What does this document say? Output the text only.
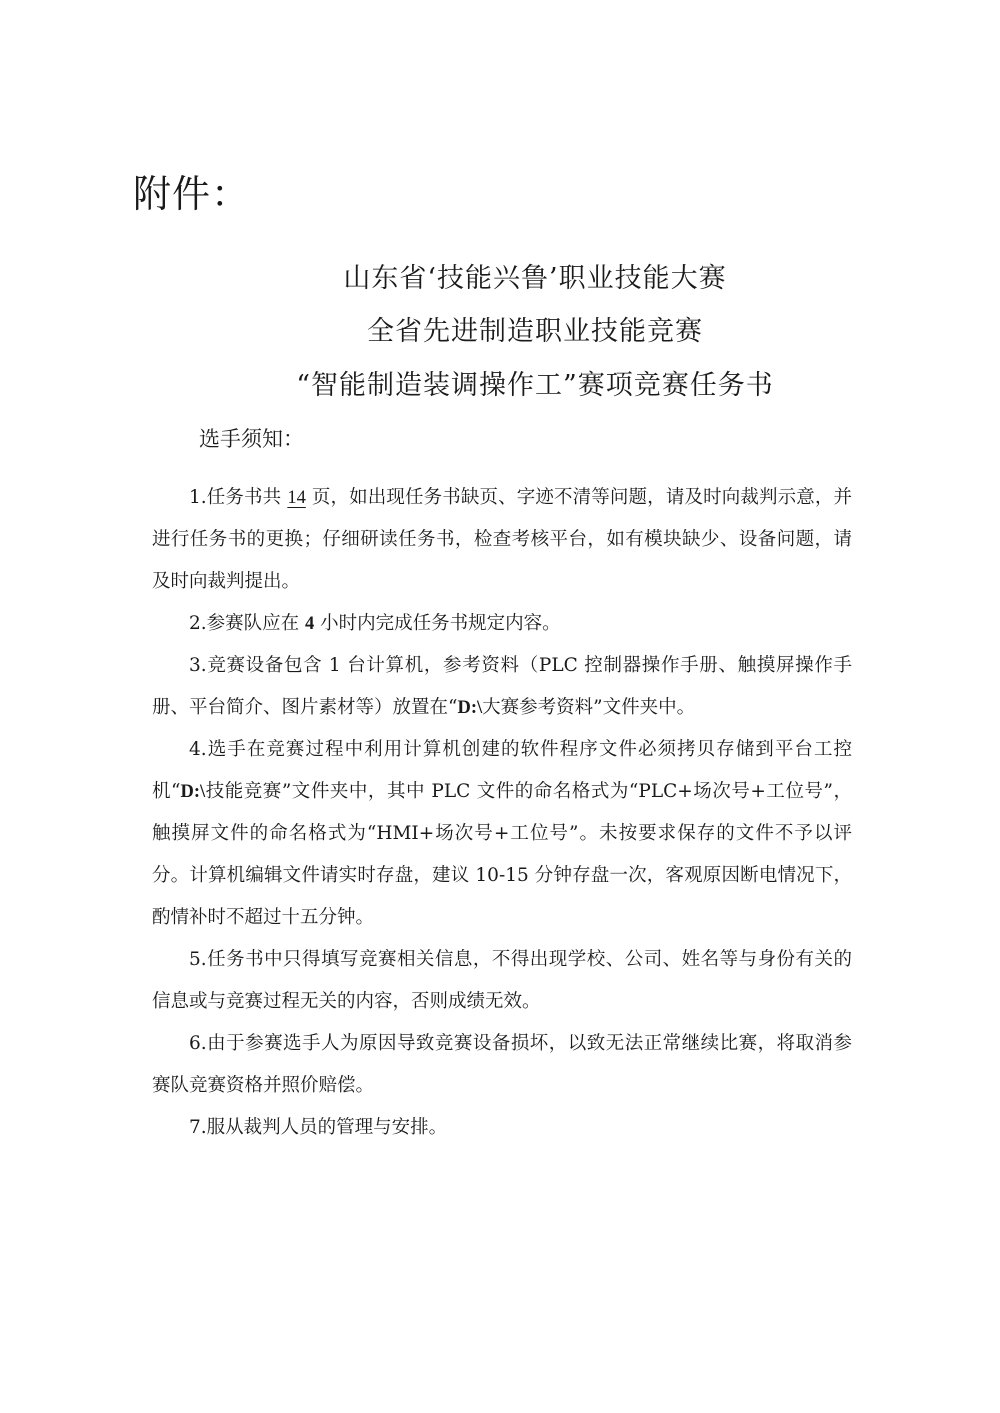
附件：
山东省‘技能兴鲁’职业技能大赛
全省先进制造职业技能竞赛
“智能制造装调操作工”赛项竞赛任务书

选手须知：

1.任务书共 14 页，如出现任务书缺页、字迹不清等问题，请及时向裁判示意，并进行任务书的更换；仔细研读任务书，检查考核平台，如有模块缺少、设备问题，请及时向裁判提出。

2.参赛队应在 4 小时内完成任务书规定内容。

3.竞赛设备包含 1 台计算机，参考资料（PLC 控制器操作手册、触摸屏操作手册、平台简介、图片素材等）放置在“D:\大赛参考资料”文件夹中。

4.选手在竞赛过程中利用计算机创建的软件程序文件必须拷贝存储到平台工控机“D:\技能竞赛”文件夹中，其中 PLC 文件的命名格式为“PLC+场次号+工位号”，触摸屏文件的命名格式为“HMI+场次号+工位号”。未按要求保存的文件不予以评分。计算机编辑文件请实时存盘，建议 10-15 分钟存盘一次，客观原因断电情况下，酌情补时不超过十五分钟。

5.任务书中只得填写竞赛相关信息，不得出现学校、公司、姓名等与身份有关的信息或与竞赛过程无关的内容，否则成绩无效。

6.由于参赛选手人为原因导致竞赛设备损坏，以致无法正常继续比赛，将取消参赛队竞赛资格并照价赔偿。

7.服从裁判人员的管理与安排。
